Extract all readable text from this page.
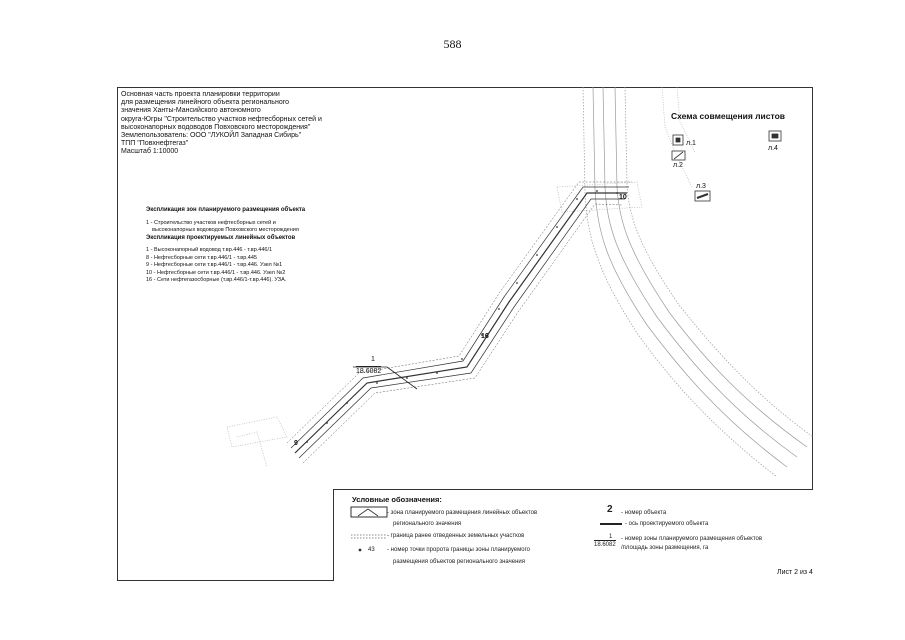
588
Основная часть проекта планировки территории
для размещения линейного объекта регионального
значения Ханты-Мансийского автономного
округа-Югры "Строительство участков нефтесборных сетей и
высоконапорных водоводов Повховского месторождения"
Землепользователь: ООО "ЛУКОЙЛ Западная Сибирь"
ТПП "Повхнефтегаз"
Масштаб 1:10000
Экспликация зон планируемого размещения объекта
1 - Строительство участков нефтесборных сетей и
высоконапорных водоводов Повховского месторождения
Экспликация проектируемых линейных объектов
1 - Высоконапорный водовод т.вр.446 - т.вр.446/1
8 - Нефтесборные сети т.вр.446/1 - т.вр.445
9 - Нефтесборные сети т.вр.446/1 - т.вр.446. Узел №1
10 - Нефтесборные сети т.вр.446/1 - т.вр.446. Узел №2
16 - Сети нефтегазосборные (т.вр.446/1-т.вр.446). УЗА.
Схема совмещения листов
л.1
л.2
л.3
л.4
1
18.6082
16
9
10
Условные обозначения:
43
- зона планируемого размещения линейных объектов
регионального значения
- граница ранее отведенных земельных участков
- номер точки пророта границы зоны планируемого
размещения объектов регионального значения
2 - номер объекта
- ось проектируемого объекта
1
18.6082
- номер зоны планируемого размещения объектов
/площадь зоны размещения, га
Лист 2 из 4
